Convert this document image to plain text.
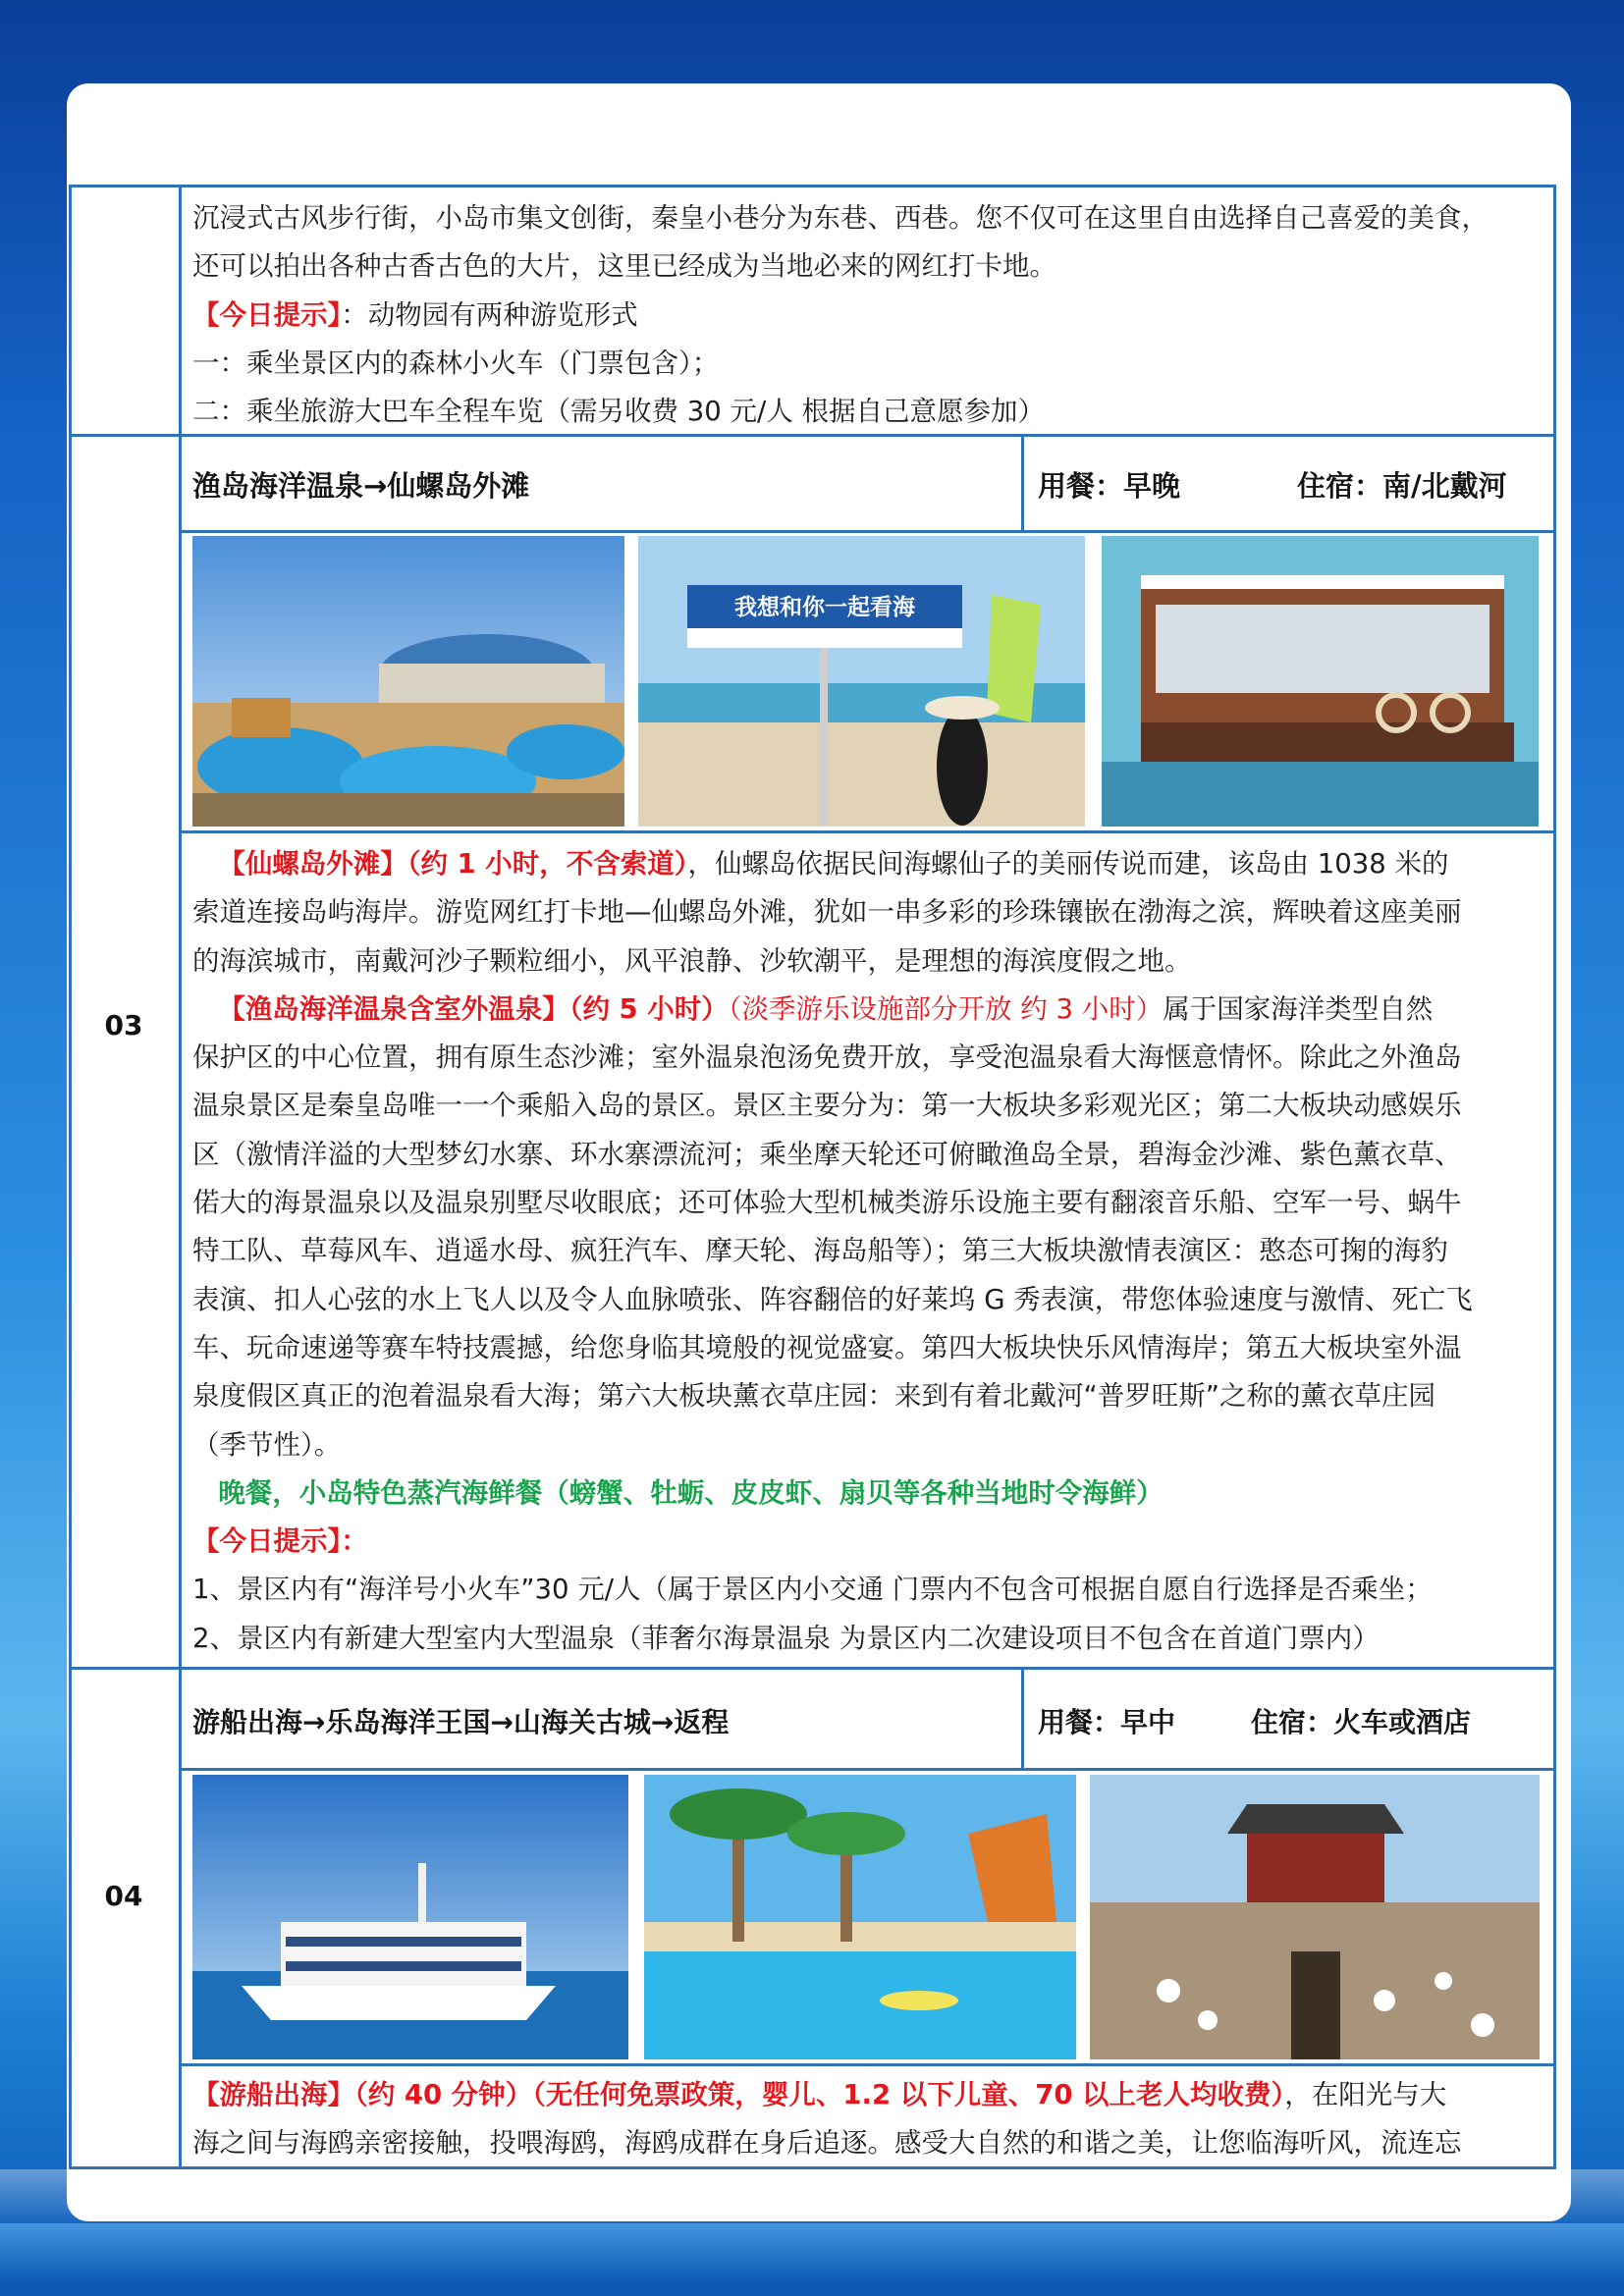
沉浸式古风步行街，小岛市集文创街，秦皇小巷分为东巷、西巷。您不仅可在这里自由选择自己喜爱的美食，

还可以拍出各种古香古色的大片，这里已经成为当地必来的网红打卡地。

【今日提示】：动物园有两种游览形式

一：乘坐景区内的森林小火车（门票包含）；

二：乘坐旅游大巴车全程车览（需另收费 30 元/人 根据自己意愿参加）

03
渔岛海洋温泉→仙螺岛外滩	用餐：早晚	住宿：南/北戴河
我想和你一起看海

【仙螺岛外滩】（约 1 小时，不含索道），仙螺岛依据民间海螺仙子的美丽传说而建，该岛由 1038 米的

索道连接岛屿海岸。游览网红打卡地—仙螺岛外滩，犹如一串多彩的珍珠镶嵌在渤海之滨，辉映着这座美丽

的海滨城市，南戴河沙子颗粒细小，风平浪静、沙软潮平，是理想的海滨度假之地。

【渔岛海洋温泉含室外温泉】（约 5 小时）（淡季游乐设施部分开放 约 3 小时）属于国家海洋类型自然

保护区的中心位置，拥有原生态沙滩；室外温泉泡汤免费开放，享受泡温泉看大海惬意情怀。除此之外渔岛

温泉景区是秦皇岛唯一一个乘船入岛的景区。景区主要分为：第一大板块多彩观光区；第二大板块动感娱乐

区（激情洋溢的大型梦幻水寨、环水寨漂流河；乘坐摩天轮还可俯瞰渔岛全景，碧海金沙滩、紫色薰衣草、

偌大的海景温泉以及温泉别墅尽收眼底；还可体验大型机械类游乐设施主要有翻滚音乐船、空军一号、蜗牛

特工队、草莓风车、逍遥水母、疯狂汽车、摩天轮、海岛船等）；第三大板块激情表演区：憨态可掬的海豹

表演、扣人心弦的水上飞人以及令人血脉喷张、阵容翻倍的好莱坞 G 秀表演，带您体验速度与激情、死亡飞

车、玩命速递等赛车特技震撼，给您身临其境般的视觉盛宴。第四大板块快乐风情海岸；第五大板块室外温

泉度假区真正的泡着温泉看大海；第六大板块薰衣草庄园：来到有着北戴河“普罗旺斯”之称的薰衣草庄园

（季节性）。

晚餐，小岛特色蒸汽海鲜餐（螃蟹、牡蛎、皮皮虾、扇贝等各种当地时令海鲜）

【今日提示】：

1、景区内有“海洋号小火车”30 元/人（属于景区内小交通 门票内不包含可根据自愿自行选择是否乘坐；

2、景区内有新建大型室内大型温泉（菲奢尔海景温泉 为景区内二次建设项目不包含在首道门票内）

04
游船出海→乐岛海洋王国→山海关古城→返程	用餐：早中	住宿：火车或酒店

【游船出海】（约 40 分钟）（无任何免票政策，婴儿、1.2 以下儿童、70 以上老人均收费），在阳光与大

海之间与海鸥亲密接触，投喂海鸥，海鸥成群在身后追逐。感受大自然的和谐之美，让您临海听风，流连忘
